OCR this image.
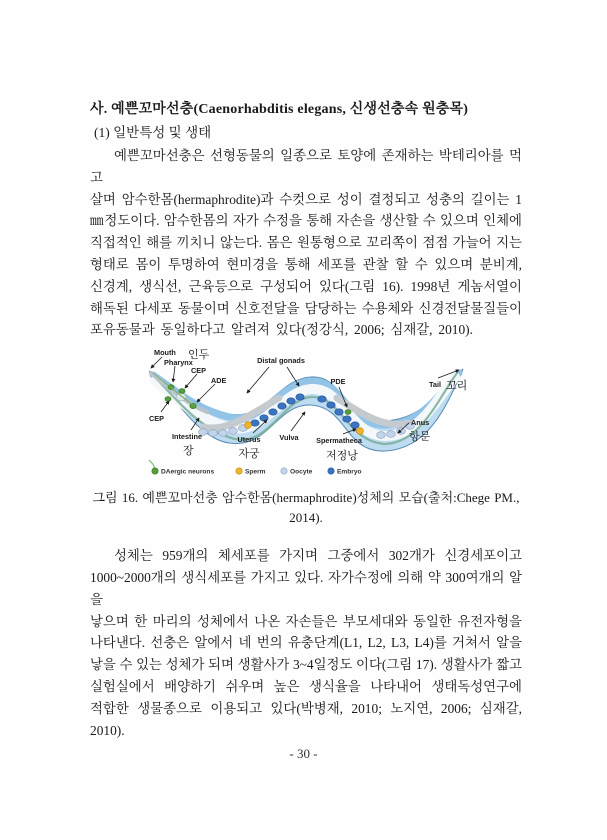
사. 예쁜꼬마선충(Caenorhabditis elegans, 신생선충속 원충목)
(1) 일반특성 및 생태
예쁜꼬마선충은 선형동물의 일종으로 토양에 존재하는 박테리아를 먹고
살며 암수한몸(hermaphrodite)과 수컷으로 성이 결정되고 성충의 길이는 1
㎜정도이다. 암수한몸의 자가 수정을 통해 자손을 생산할 수 있으며 인체에
직접적인 해를 끼치니 않는다. 몸은 원통형으로 꼬리쪽이 점점 가늘어 지는
형태로 몸이 투명하여 현미경을 통해 세포를 관찰 할 수 있으며 분비계,
신경계, 생식선, 근육등으로 구성되어 있다(그림 16). 1998년 게놈서열이
해독된 다세포 동물이며 신호전달을 담당하는 수용체와 신경전달물질들이
포유동물과 동일하다고 알려져 있다(정강식, 2006; 심재갈, 2010).
Mouth 인두
Pharynx
CEP
ADE
CEP
Intestine
장
Distal gonads
PDE
Vulva
Uterus
자궁
Spermatheca
저정낭
Tail 꼬리
Anus
항문
DAergic neurons	Sperm	Oocyte	Embryo
그림 16. 예쁜꼬마선충 암수한몸(hermaphrodite)성체의 모습(출처:Chege PM., 2014).
성체는 959개의 체세포를 가지며 그중에서 302개가 신경세포이고
1000~2000개의 생식세포를 가지고 있다. 자가수정에 의해 약 300여개의 알을
낳으며 한 마리의 성체에서 나온 자손들은 부모세대와 동일한 유전자형을
나타낸다. 선충은 알에서 네 번의 유충단계(L1, L2, L3, L4)를 거쳐서 알을
낳을 수 있는 성체가 되며 생활사가 3~4일정도 이다(그림 17). 생활사가 짧고
실험실에서 배양하기 쉬우며 높은 생식율을 나타내어 생태독성연구에
적합한 생물종으로 이용되고 있다(박병재, 2010; 노지연, 2006; 심재갈, 2010).
- 30 -
